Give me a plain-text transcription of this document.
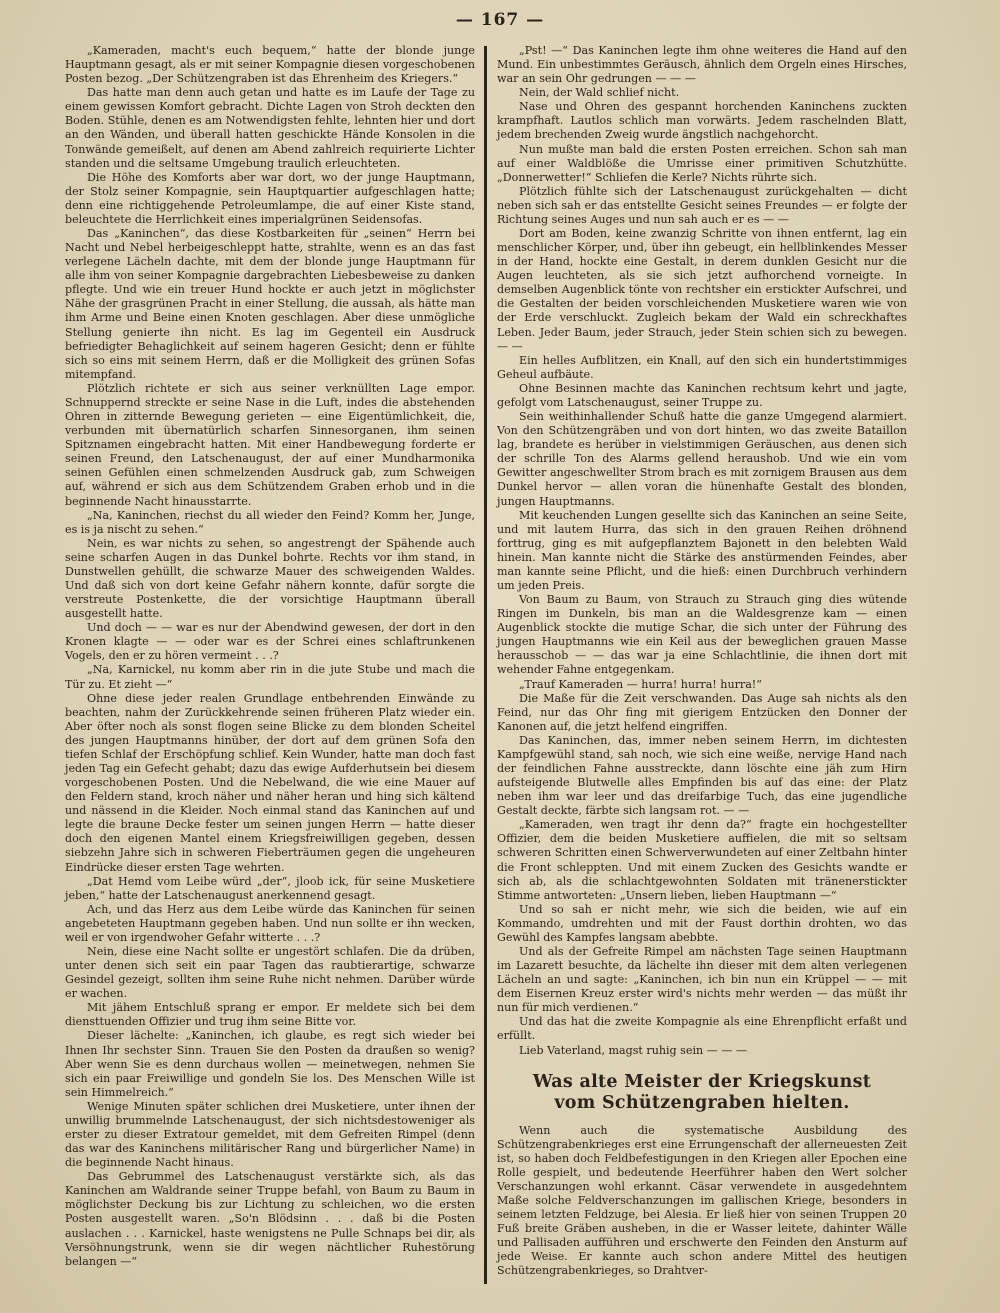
— 167 —

„Kameraden, macht's euch bequem,“ hatte der blonde junge Hauptmann gesagt, als er mit seiner Kompagnie diesen vorgeschobenen Posten bezog. „Der Schützengraben ist das Ehrenheim des Kriegers.“

Das hatte man denn auch getan und hatte es im Laufe der Tage zu einem gewissen Komfort gebracht. Dichte Lagen von Stroh deckten den Boden. Stühle, denen es am Notwendigsten fehlte, lehnten hier und dort an den Wänden, und überall hatten geschickte Hände Konsolen in die Tonwände gemeißelt, auf denen am Abend zahlreich requirierte Lichter standen und die seltsame Umgebung traulich erleuchteten.

Die Höhe des Komforts aber war dort, wo der junge Hauptmann, der Stolz seiner Kompagnie, sein Hauptquartier aufgeschlagen hatte; denn eine richtiggehende Petroleumlampe, die auf einer Kiste stand, beleuchtete die Herrlichkeit eines imperialgrünen Seidensofas.

Das „Kaninchen“, das diese Kostbarkeiten für „seinen“ Herrn bei Nacht und Nebel herbeigeschleppt hatte, strahlte, wenn es an das fast verlegene Lächeln dachte, mit dem der blonde junge Hauptmann für alle ihm von seiner Kompagnie dargebrachten Liebesbeweise zu danken pflegte. Und wie ein treuer Hund hockte er auch jetzt in möglichster Nähe der grasgrünen Pracht in einer Stellung, die aussah, als hätte man ihm Arme und Beine einen Knoten geschlagen. Aber diese unmögliche Stellung genierte ihn nicht. Es lag im Gegenteil ein Ausdruck befriedigter Behaglichkeit auf seinem hageren Gesicht; denn er fühlte sich so eins mit seinem Herrn, daß er die Molligkeit des grünen Sofas mitempfand.

Plötzlich richtete er sich aus seiner verknüllten Lage empor. Schnuppernd streckte er seine Nase in die Luft, indes die abstehenden Ohren in zitternde Bewegung gerieten — eine Eigentümlichkeit, die, verbunden mit übernatürlich scharfen Sinnesorganen, ihm seinen Spitznamen eingebracht hatten. Mit einer Handbewegung forderte er seinen Freund, den Latschenaugust, der auf einer Mundharmonika seinen Gefühlen einen schmelzenden Ausdruck gab, zum Schweigen auf, während er sich aus dem Schützendem Graben erhob und in die beginnende Nacht hinausstarrte.

„Na, Kaninchen, riechst du all wieder den Feind? Komm her, Junge, es is ja nischt zu sehen.“

Nein, es war nichts zu sehen, so angestrengt der Spähende auch seine scharfen Augen in das Dunkel bohrte. Rechts vor ihm stand, in Dunstwellen gehüllt, die schwarze Mauer des schweigenden Waldes. Und daß sich von dort keine Gefahr nähern konnte, dafür sorgte die verstreute Postenkette, die der vorsichtige Hauptmann überall ausgestellt hatte.

Und doch — — war es nur der Abendwind gewesen, der dort in den Kronen klagte — — oder war es der Schrei eines schlaftrunkenen Vogels, den er zu hören vermeint . . .?

„Na, Karnickel, nu komm aber rin in die jute Stube und mach die Tür zu. Et zieht —“

Ohne diese jeder realen Grundlage entbehrenden Einwände zu beachten, nahm der Zurückkehrende seinen früheren Platz wieder ein. Aber öfter noch als sonst flogen seine Blicke zu dem blonden Scheitel des jungen Hauptmanns hinüber, der dort auf dem grünen Sofa den tiefen Schlaf der Erschöpfung schlief. Kein Wunder, hatte man doch fast jeden Tag ein Gefecht gehabt; dazu das ewige Aufderhutsein bei diesem vorgeschobenen Posten. Und die Nebelwand, die wie eine Mauer auf den Feldern stand, kroch näher und näher heran und hing sich kältend und nässend in die Kleider. Noch einmal stand das Kaninchen auf und legte die braune Decke fester um seinen jungen Herrn — hatte dieser doch den eigenen Mantel einem Kriegsfreiwilligen gegeben, dessen siebzehn Jahre sich in schweren Fieberträumen gegen die ungeheuren Eindrücke dieser ersten Tage wehrten.

„Dat Hemd vom Leibe würd „der“, jloob ick, für seine Musketiere jeben,“ hatte der Latschenaugust anerkennend gesagt.

Ach, und das Herz aus dem Leibe würde das Kaninchen für seinen angebeteten Hauptmann gegeben haben. Und nun sollte er ihn wecken, weil er von irgendwoher Gefahr witterte . . .?

Nein, diese eine Nacht sollte er ungestört schlafen. Die da drüben, unter denen sich seit ein paar Tagen das raubtierartige, schwarze Gesindel gezeigt, sollten ihm seine Ruhe nicht nehmen. Darüber würde er wachen.

Mit jähem Entschluß sprang er empor. Er meldete sich bei dem diensttuenden Offizier und trug ihm seine Bitte vor.

Dieser lächelte: „Kaninchen, ich glaube, es regt sich wieder bei Ihnen Ihr sechster Sinn. Trauen Sie den Posten da draußen so wenig? Aber wenn Sie es denn durchaus wollen — meinetwegen, nehmen Sie sich ein paar Freiwillige und gondeln Sie los. Des Menschen Wille ist sein Himmelreich.“

Wenige Minuten später schlichen drei Musketiere, unter ihnen der unwillig brummelnde Latschenaugust, der sich nichtsdestoweniger als erster zu dieser Extratour gemeldet, mit dem Gefreiten Rimpel (denn das war des Kaninchens militärischer Rang und bürgerlicher Name) in die beginnende Nacht hinaus.

Das Gebrummel des Latschenaugust verstärkte sich, als das Kaninchen am Waldrande seiner Truppe befahl, von Baum zu Baum in möglichster Deckung bis zur Lichtung zu schleichen, wo die ersten Posten ausgestellt waren. „So'n Blödsinn . . . daß bi die Posten auslachen . . . Karnickel, haste wenigstens ne Pulle Schnaps bei dir, als Versöhnungstrunk, wenn sie dir wegen nächtlicher Ruhestörung belangen —“

„Pst! —“ Das Kaninchen legte ihm ohne weiteres die Hand auf den Mund. Ein unbestimmtes Geräusch, ähnlich dem Orgeln eines Hirsches, war an sein Ohr gedrungen — — —

Nein, der Wald schlief nicht.

Nase und Ohren des gespannt horchenden Kaninchens zuckten krampfhaft. Lautlos schlich man vorwärts. Jedem raschelnden Blatt, jedem brechenden Zweig wurde ängstlich nachgehorcht.

Nun mußte man bald die ersten Posten erreichen. Schon sah man auf einer Waldblöße die Umrisse einer primitiven Schutzhütte. „Donnerwetter!“ Schliefen die Kerle? Nichts rührte sich.

Plötzlich fühlte sich der Latschenaugust zurückgehalten — dicht neben sich sah er das entstellte Gesicht seines Freundes — er folgte der Richtung seines Auges und nun sah auch er es — —

Dort am Boden, keine zwanzig Schritte von ihnen entfernt, lag ein menschlicher Körper, und, über ihn gebeugt, ein hellblinkendes Messer in der Hand, hockte eine Gestalt, in derem dunklen Gesicht nur die Augen leuchteten, als sie sich jetzt aufhorchend vorneigte. In demselben Augenblick tönte von rechtsher ein erstickter Aufschrei, und die Gestalten der beiden vorschleichenden Musketiere waren wie von der Erde verschluckt. Zugleich bekam der Wald ein schreckhaftes Leben. Jeder Baum, jeder Strauch, jeder Stein schien sich zu bewegen. — —

Ein helles Aufblitzen, ein Knall, auf den sich ein hundertstimmiges Geheul aufbäute.

Ohne Besinnen machte das Kaninchen rechtsum kehrt und jagte, gefolgt vom Latschenaugust, seiner Truppe zu.

Sein weithinhallender Schuß hatte die ganze Umgegend alarmiert. Von den Schützengräben und von dort hinten, wo das zweite Bataillon lag, brandete es herüber in vielstimmigen Geräuschen, aus denen sich der schrille Ton des Alarms gellend heraushob. Und wie ein vom Gewitter angeschwellter Strom brach es mit zornigem Brausen aus dem Dunkel hervor — allen voran die hünenhafte Gestalt des blonden, jungen Hauptmanns.

Mit keuchenden Lungen gesellte sich das Kaninchen an seine Seite, und mit lautem Hurra, das sich in den grauen Reihen dröhnend forttrug, ging es mit aufgepflanztem Bajonett in den belebten Wald hinein. Man kannte nicht die Stärke des anstürmenden Feindes, aber man kannte seine Pflicht, und die hieß: einen Durchbruch verhindern um jeden Preis.

Von Baum zu Baum, von Strauch zu Strauch ging dies wütende Ringen im Dunkeln, bis man an die Waldesgrenze kam — einen Augenblick stockte die mutige Schar, die sich unter der Führung des jungen Hauptmanns wie ein Keil aus der beweglichen grauen Masse herausschob — — das war ja eine Schlachtlinie, die ihnen dort mit wehender Fahne entgegenkam.

„Trauf Kameraden — hurra! hurra! hurra!“

Die Maße für die Zeit verschwanden. Das Auge sah nichts als den Feind, nur das Ohr fing mit gierigem Entzücken den Donner der Kanonen auf, die jetzt helfend eingriffen.

Das Kaninchen, das, immer neben seinem Herrn, im dichtesten Kampfgewühl stand, sah noch, wie sich eine weiße, nervige Hand nach der feindlichen Fahne ausstreckte, dann löschte eine jäh zum Hirn aufsteigende Blutwelle alles Empfinden bis auf das eine: der Platz neben ihm war leer und das dreifarbige Tuch, das eine jugendliche Gestalt deckte, färbte sich langsam rot. — —

„Kameraden, wen tragt ihr denn da?“ fragte ein hochgestellter Offizier, dem die beiden Musketiere auffielen, die mit so seltsam schweren Schritten einen Schwerverwundeten auf einer Zeltbahn hinter die Front schleppten. Und mit einem Zucken des Gesichts wandte er sich ab, als die schlachtgewohnten Soldaten mit tränenerstickter Stimme antworteten: „Unsern lieben, lieben Hauptmann —“

Und so sah er nicht mehr, wie sich die beiden, wie auf ein Kommando, umdrehten und mit der Faust dorthin drohten, wo das Gewühl des Kampfes langsam abebbte.

Und als der Gefreite Rimpel am nächsten Tage seinen Hauptmann im Lazarett besuchte, da lächelte ihn dieser mit dem alten verlegenen Lächeln an und sagte: „Kaninchen, ich bin nun ein Krüppel — — mit dem Eisernen Kreuz erster wird's nichts mehr werden — das müßt ihr nun für mich verdienen.“

Und das hat die zweite Kompagnie als eine Ehrenpflicht erfaßt und erfüllt.

Lieb Vaterland, magst ruhig sein — — —

Was alte Meister der Kriegskunst
vom Schützengraben hielten.

Wenn auch die systematische Ausbildung des Schützengrabenkrieges erst eine Errungenschaft der allerneuesten Zeit ist, so haben doch Feldbefestigungen in den Kriegen aller Epochen eine Rolle gespielt, und bedeutende Heerführer haben den Wert solcher Verschanzungen wohl erkannt. Cäsar verwendete in ausgedehntem Maße solche Feldverschanzungen im gallischen Kriege, besonders in seinem letzten Feldzuge, bei Alesia. Er ließ hier von seinen Truppen 20 Fuß breite Gräben ausheben, in die er Wasser leitete, dahinter Wälle und Pallisaden aufführen und erschwerte den Feinden den Ansturm auf jede Weise. Er kannte auch schon andere Mittel des heutigen Schützengrabenkrieges, so Drahtver-
